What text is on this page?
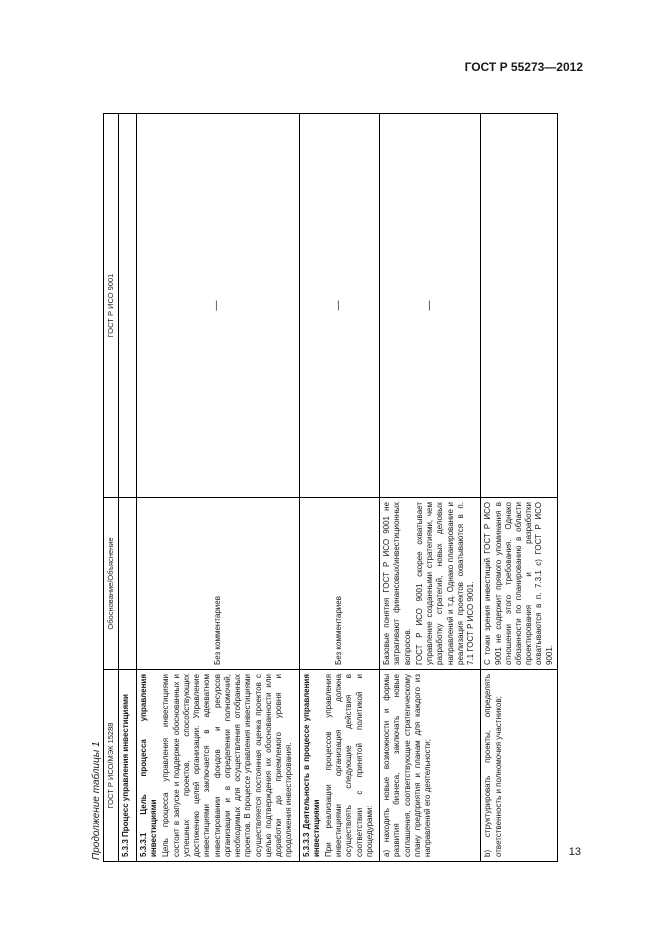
ГОСТ Р 55273—2012
Продолжение таблицы 1 ГОСТ Р ИСО/МЭК 15288	Обоснование/Объяснение	ГОСТ Р ИСО 9001
5.3.3 Процесс управления инвестициями		

5.3.3.1 Цель процесса управления инвестициями Цель процесса управления инвестициями состоит в запуске и поддержке обоснованных и успешных проектов, способствующих достижению целей организации. Управление инвестициями заключается в адекватном инвестировании фондов и ресурсов организации и в определении полномочий, необходимых для осуществления отобранных проектов. В процессе управления инвестициями осуществляется постоянная оценка проектов с целью подтверждения их обоснованности или доработки до приемлемого уровня и продолжения инвестирования.	Без комментариев	—

5.3.3.3 Деятельность в процессе управления инвестициями При реализации процессов управления инвестициями организация должна осуществлять следующие действия в соответствии с принятой политикой и процедурами:	Без комментариев	—
а) находить новые возможности и формы развития бизнеса, заключать новые соглашения, соответствующие стратегическому плану предприятия и планам для каждого из направлений его деятельности;	Базовые понятия ГОСТ Р ИСО 9001 не затрагивают финансовых/инвестиционных вопросов. ГОСТ Р ИСО 9001 скорее охватывает управление созданными стратегиями, чем разработку стратегий, новых деловых направлений и т.д. Однако планирование и реализация проектов охватываются в п. 7.1 ГОСТ Р ИСО 9001.	—
b) структурировать проекты, определять ответственность и полномочия участников;	С точки зрения инвестиций ГОСТ Р ИСО 9001 не содержит прямого упоминания в отношении этого требования. Однако обязанности по планированию в области проектирования и разработки охватываются в п. 7.3.1 с) ГОСТ Р ИСО 9001.	
13
